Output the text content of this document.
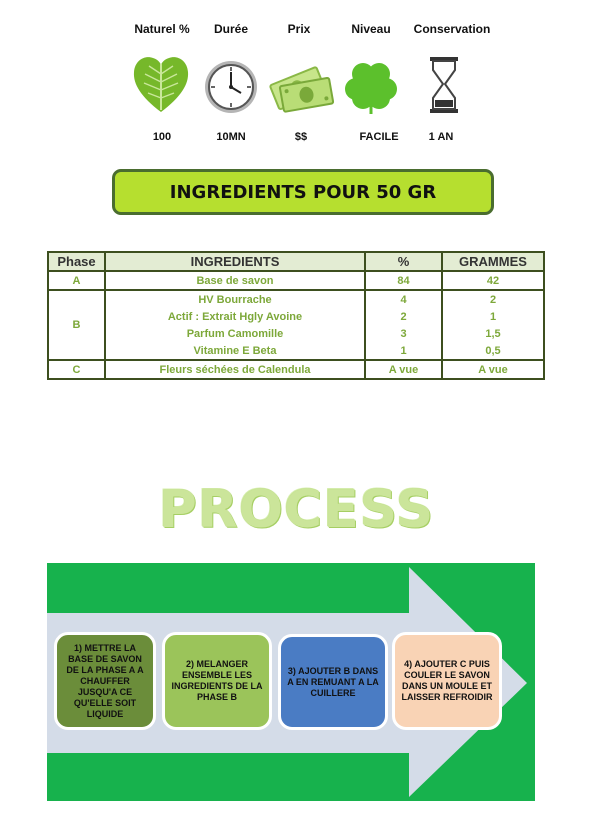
Naturel %	Durée	Prix	Niveau	Conservation
100	10MN	$$	FACILE	1 AN
INGREDIENTS POUR 50 GR
Phase	INGREDIENTS	%	GRAMMES
A	Base de savon	84	42
B	HV Bourrache	4	2
	Actif : Extrait Hgly Avoine	2	1
	Parfum Camomille	3	1,5
	Vitamine E Beta	1	0,5
C	Fleurs séchées de Calendula	A vue	A vue
PROCESS
1) METTRE LA BASE DE SAVON DE LA PHASE A A CHAUFFER JUSQU'A CE QU'ELLE SOIT LIQUIDE
2) MELANGER ENSEMBLE LES INGREDIENTS DE LA PHASE B
3) AJOUTER B DANS A EN REMUANT A LA CUILLERE
4) AJOUTER C PUIS COULER LE SAVON DANS UN MOULE ET LAISSER REFROIDIR
